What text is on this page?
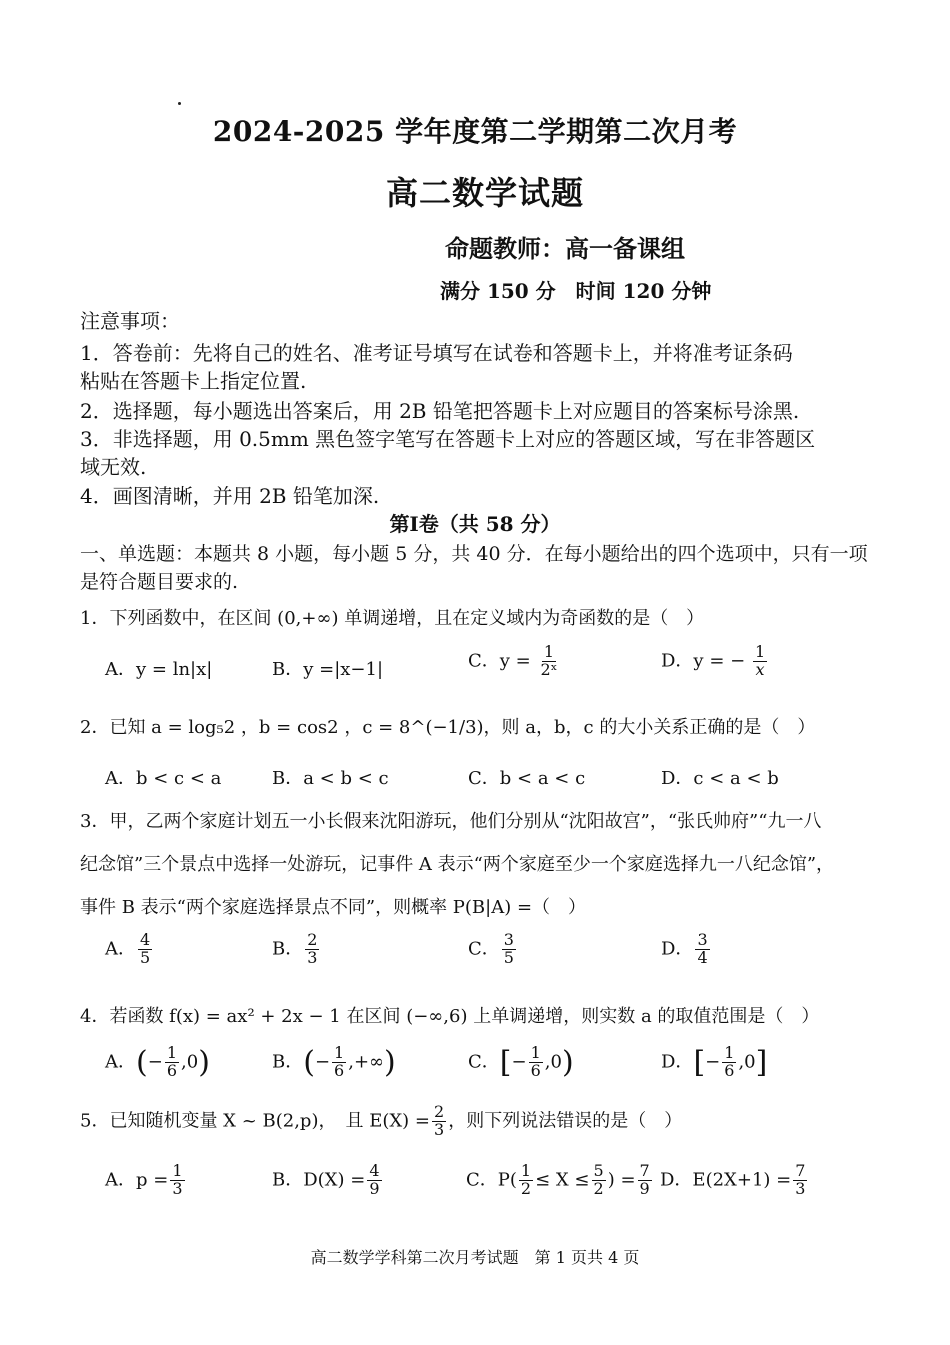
2024-2025 学年度第二学期第二次月考
高二数学试题
命题教师：高一备课组
满分 150 分　时间 120 分钟
注意事项：
1．答卷前：先将自己的姓名、准考证号填写在试卷和答题卡上，并将准考证条码
粘贴在答题卡上指定位置.
2．选择题，每小题选出答案后，用 2B 铅笔把答题卡上对应题目的答案标号涂黑.
3．非选择题，用 0.5mm 黑色签字笔写在答题卡上对应的答题区域，写在非答题区
域无效.
4．画图清晰，并用 2B 铅笔加深.
第Ⅰ卷（共 58 分）
一、单选题：本题共 8 小题，每小题 5 分，共 40 分．在每小题给出的四个选项中，只有一项
是符合题目要求的.
1．下列函数中，在区间 (0,+∞) 单调递增，且在定义域内为奇函数的是（　）
A．y = ln|x|	B．y =|x−1|	C．$y = \frac{1}{\text{2ˣ}}$	D．y = − $\frac{1}{x}$
2．已知 a = log₅2 ，b = cos2 ，c = 8^(−1/3)，则 a，b，c 的大小关系正确的是（　）
A．b < c < a	B．a < b < c	C．b < a < c	D．c < a < b
3．甲，乙两个家庭计划五一小长假来沈阳游玩，他们分别从“沈阳故宫”，“张氏帅府”“九一八
纪念馆”三个景点中选择一处游玩，记事件 A 表示“两个家庭至少一个家庭选择九一八纪念馆”，
事件 B 表示“两个家庭选择景点不同”，则概率 P(B|A) =（　）
A． $\frac{4}{5}$	B． $\frac{2}{3}$	C． $\frac{3}{5}$	D． $\frac{3}{4}$
4．若函数 f(x) = ax² + 2x − 1 在区间 (−∞,6) 上单调递增，则实数 a 的取值范围是（　）
A．(− $\frac{1}{6} ,0$)	B．(− $\frac{1}{6}$ ,+∞)	C．[− $\frac{1}{6} ,0$)	D．[− $\frac{1}{6} ,0$]
5．已知随机变量 X ~ B(2,p)，　且 $E(X) = \frac{2}{3}$ ，则下列说法错误的是（　）
A．$p = \frac{1}{3}$	B．$D(X) = \frac{4}{9}$	C．$P( \frac{1}{2} \le X \le \frac{5}{2}$ ) = $\frac{7}{9}$ D．$E(2X+1) = \frac{7}{3}$
高二数学学科第二次月考试题　第 1 页共 4 页
